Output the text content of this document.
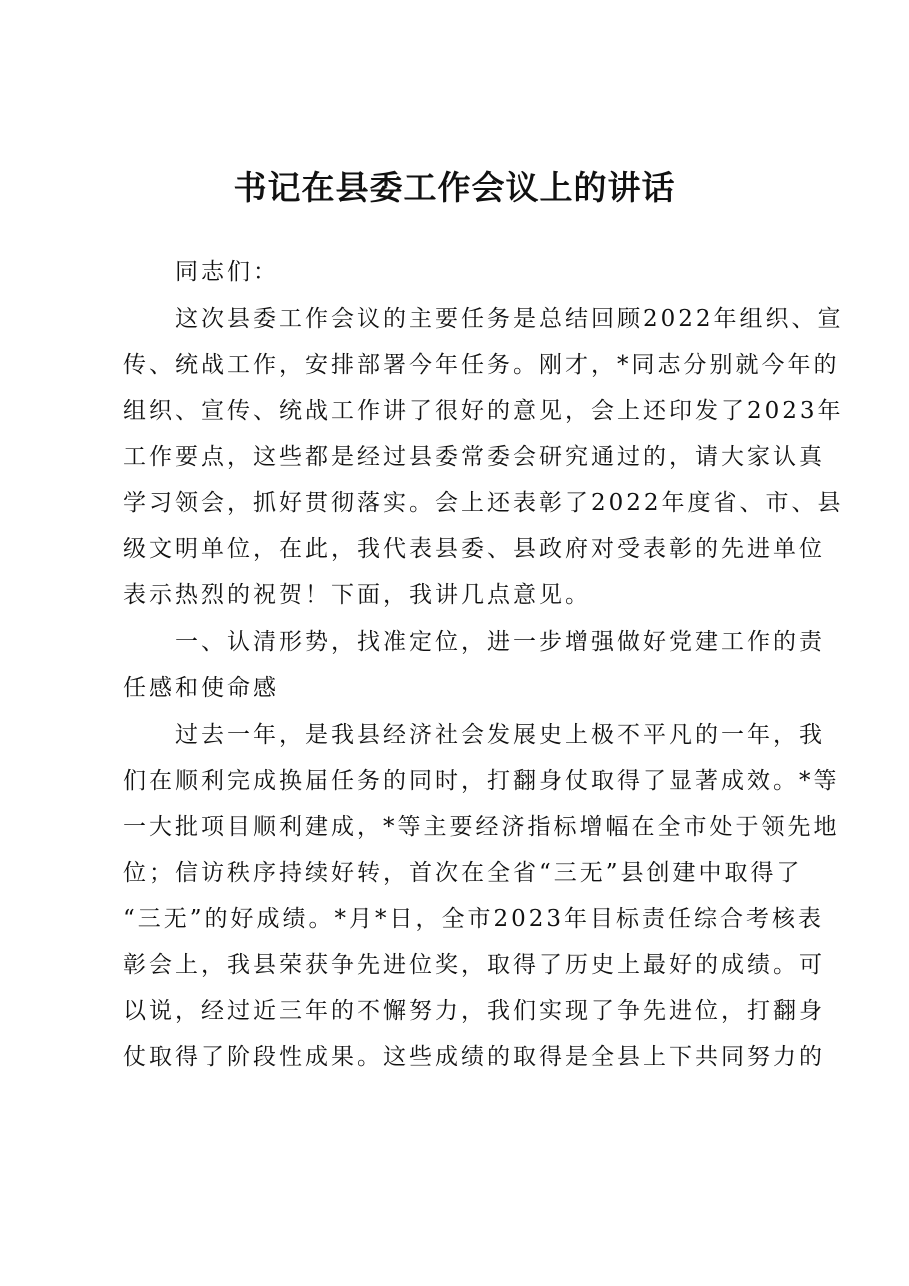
书记在县委工作会议上的讲话
同志们：
这次县委工作会议的主要任务是总结回顾2022年组织、宣
传、统战工作，安排部署今年任务。刚才，*同志分别就今年的
组织、宣传、统战工作讲了很好的意见，会上还印发了2023年
工作要点，这些都是经过县委常委会研究通过的，请大家认真
学习领会，抓好贯彻落实。会上还表彰了2022年度省、市、县
级文明单位，在此，我代表县委、县政府对受表彰的先进单位
表示热烈的祝贺！下面，我讲几点意见。
一、认清形势，找准定位，进一步增强做好党建工作的责
任感和使命感
过去一年，是我县经济社会发展史上极不平凡的一年，我
们在顺利完成换届任务的同时，打翻身仗取得了显著成效。*等
一大批项目顺利建成，*等主要经济指标增幅在全市处于领先地
位；信访秩序持续好转，首次在全省“三无”县创建中取得了
“三无”的好成绩。*月*日，全市2023年目标责任综合考核表
彰会上，我县荣获争先进位奖，取得了历史上最好的成绩。可
以说，经过近三年的不懈努力，我们实现了争先进位，打翻身
仗取得了阶段性成果。这些成绩的取得是全县上下共同努力的
